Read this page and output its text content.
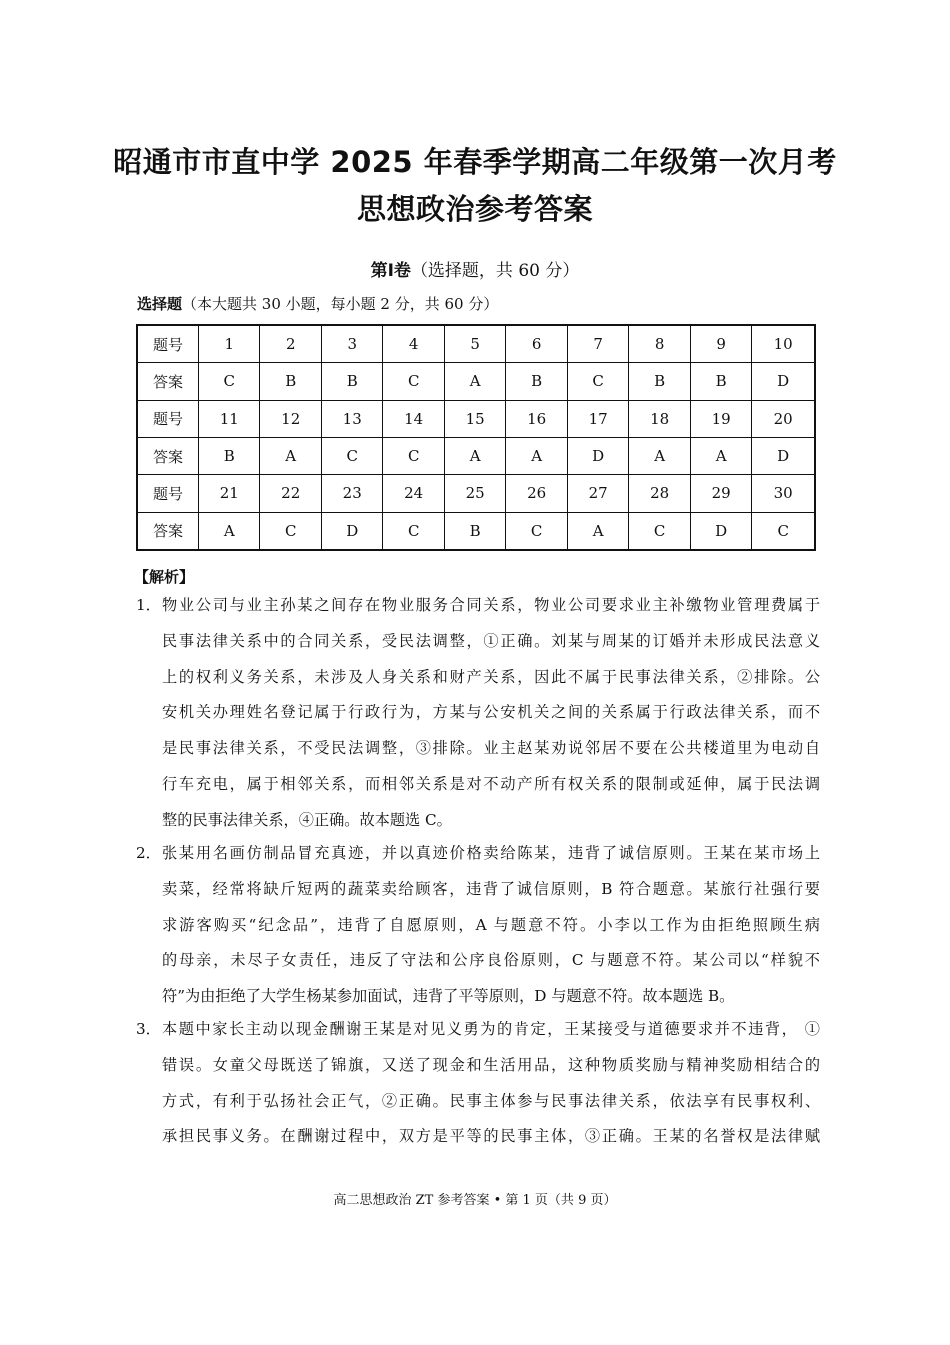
昭通市市直中学 2025 年春季学期高二年级第一次月考
思想政治参考答案
第Ⅰ卷（选择题，共 60 分）
选择题（本大题共 30 小题，每小题 2 分，共 60 分）
题号	1	2	3	4	5	6	7	8	9	10
答案	C	B	B	C	A	B	C	B	B	D
题号	11	12	13	14	15	16	17	18	19	20
答案	B	A	C	C	A	A	D	A	A	D
题号	21	22	23	24	25	26	27	28	29	30
答案	A	C	D	C	B	C	A	C	D	C
【解析】
1． 物业公司与业主孙某之间存在物业服务合同关系，物业公司要求业主补缴物业管理费属于
民事法律关系中的合同关系，受民法调整，①正确。刘某与周某的订婚并未形成民法意义
上的权利义务关系，未涉及人身关系和财产关系，因此不属于民事法律关系，②排除。公
安机关办理姓名登记属于行政行为，方某与公安机关之间的关系属于行政法律关系，而不
是民事法律关系，不受民法调整，③排除。业主赵某劝说邻居不要在公共楼道里为电动自
行车充电，属于相邻关系，而相邻关系是对不动产所有权关系的限制或延伸，属于民法调
整的民事法律关系，④正确。故本题选 C。
2． 张某用名画仿制品冒充真迹，并以真迹价格卖给陈某，违背了诚信原则。王某在某市场上
卖菜，经常将缺斤短两的蔬菜卖给顾客，违背了诚信原则，B 符合题意。某旅行社强行要
求游客购买“纪念品”，违背了自愿原则，A 与题意不符。小李以工作为由拒绝照顾生病
的母亲，未尽子女责任，违反了守法和公序良俗原则，C 与题意不符。某公司以“样貌不
符”为由拒绝了大学生杨某参加面试，违背了平等原则，D 与题意不符。故本题选 B。
3． 本题中家长主动以现金酬谢王某是对见义勇为的肯定，王某接受与道德要求并不违背， ①
错误。女童父母既送了锦旗，又送了现金和生活用品，这种物质奖励与精神奖励相结合的
方式，有利于弘扬社会正气，②正确。民事主体参与民事法律关系，依法享有民事权利、
承担民事义务。在酬谢过程中，双方是平等的民事主体，③正确。王某的名誉权是法律赋
高二思想政治 ZT 参考答案 • 第 1 页（共 9 页）
